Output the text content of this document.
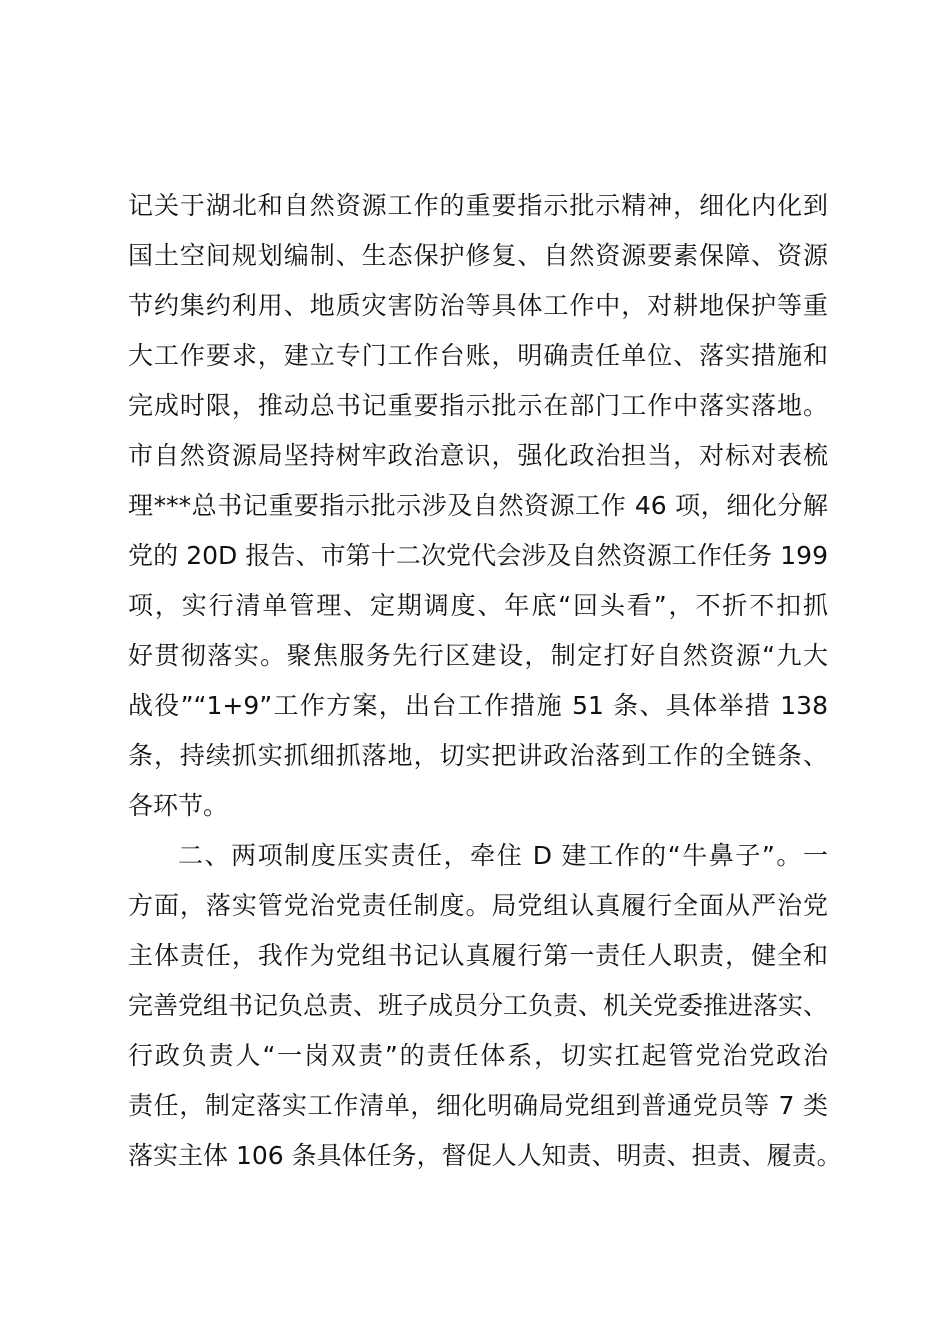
记关于湖北和自然资源工作的重要指示批示精神，细化内化到
国土空间规划编制、生态保护修复、自然资源要素保障、资源
节约集约利用、地质灾害防治等具体工作中，对耕地保护等重
大工作要求，建立专门工作台账，明确责任单位、落实措施和
完成时限，推动总书记重要指示批示在部门工作中落实落地。
市自然资源局坚持树牢政治意识，强化政治担当，对标对表梳
理***总书记重要指示批示涉及自然资源工作 46 项，细化分解
党的 20D 报告、市第十二次党代会涉及自然资源工作任务 199
项，实行清单管理、定期调度、年底“回头看”，不折不扣抓
好贯彻落实。聚焦服务先行区建设，制定打好自然资源“九大
战役”“1+9”工作方案，出台工作措施 51 条、具体举措 138
条，持续抓实抓细抓落地，切实把讲政治落到工作的全链条、
各环节。
二、两项制度压实责任，牵住 D 建工作的“牛鼻子”。一
方面，落实管党治党责任制度。局党组认真履行全面从严治党
主体责任，我作为党组书记认真履行第一责任人职责，健全和
完善党组书记负总责、班子成员分工负责、机关党委推进落实、
行政负责人“一岗双责”的责任体系，切实扛起管党治党政治
责任，制定落实工作清单，细化明确局党组到普通党员等 7 类
落实主体 106 条具体任务，督促人人知责、明责、担责、履责。
